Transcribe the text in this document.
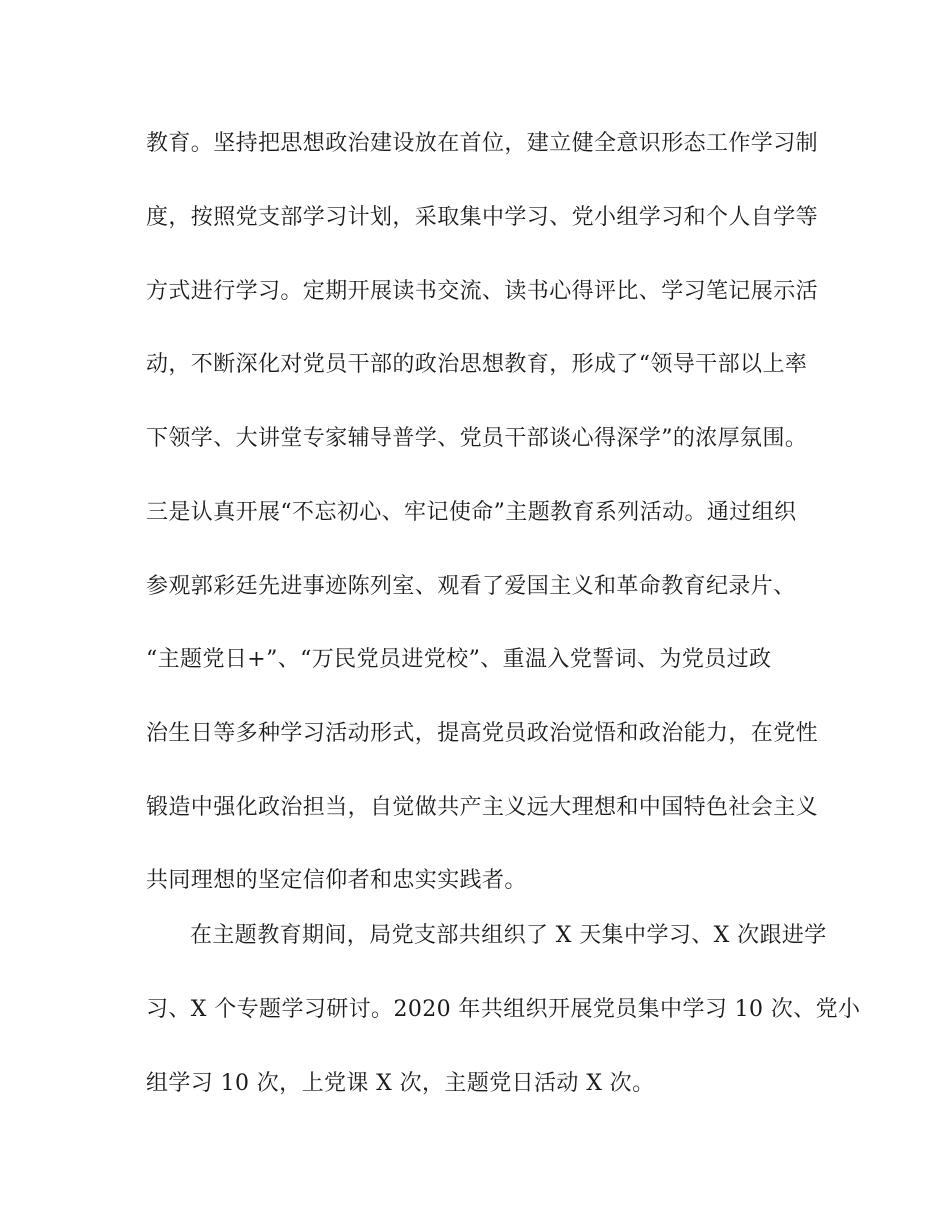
教育。坚持把思想政治建设放在首位，建立健全意识形态工作学习制
度，按照党支部学习计划，采取集中学习、党小组学习和个人自学等
方式进行学习。定期开展读书交流、读书心得评比、学习笔记展示活
动，不断深化对党员干部的政治思想教育，形成了“领导干部以上率
下领学、大讲堂专家辅导普学、党员干部谈心得深学”的浓厚氛围。
三是认真开展“不忘初心、牢记使命”主题教育系列活动。通过组织
参观郭彩廷先进事迹陈列室、观看了爱国主义和革命教育纪录片、
“主题党日+”、“万民党员进党校”、重温入党誓词、为党员过政
治生日等多种学习活动形式，提高党员政治觉悟和政治能力，在党性
锻造中强化政治担当，自觉做共产主义远大理想和中国特色社会主义
共同理想的坚定信仰者和忠实实践者。
在主题教育期间，局党支部共组织了 X 天集中学习、X 次跟进学
习、X 个专题学习研讨。2020 年共组织开展党员集中学习 10 次、党小
组学习 10 次，上党课 X 次，主题党日活动 X 次。
